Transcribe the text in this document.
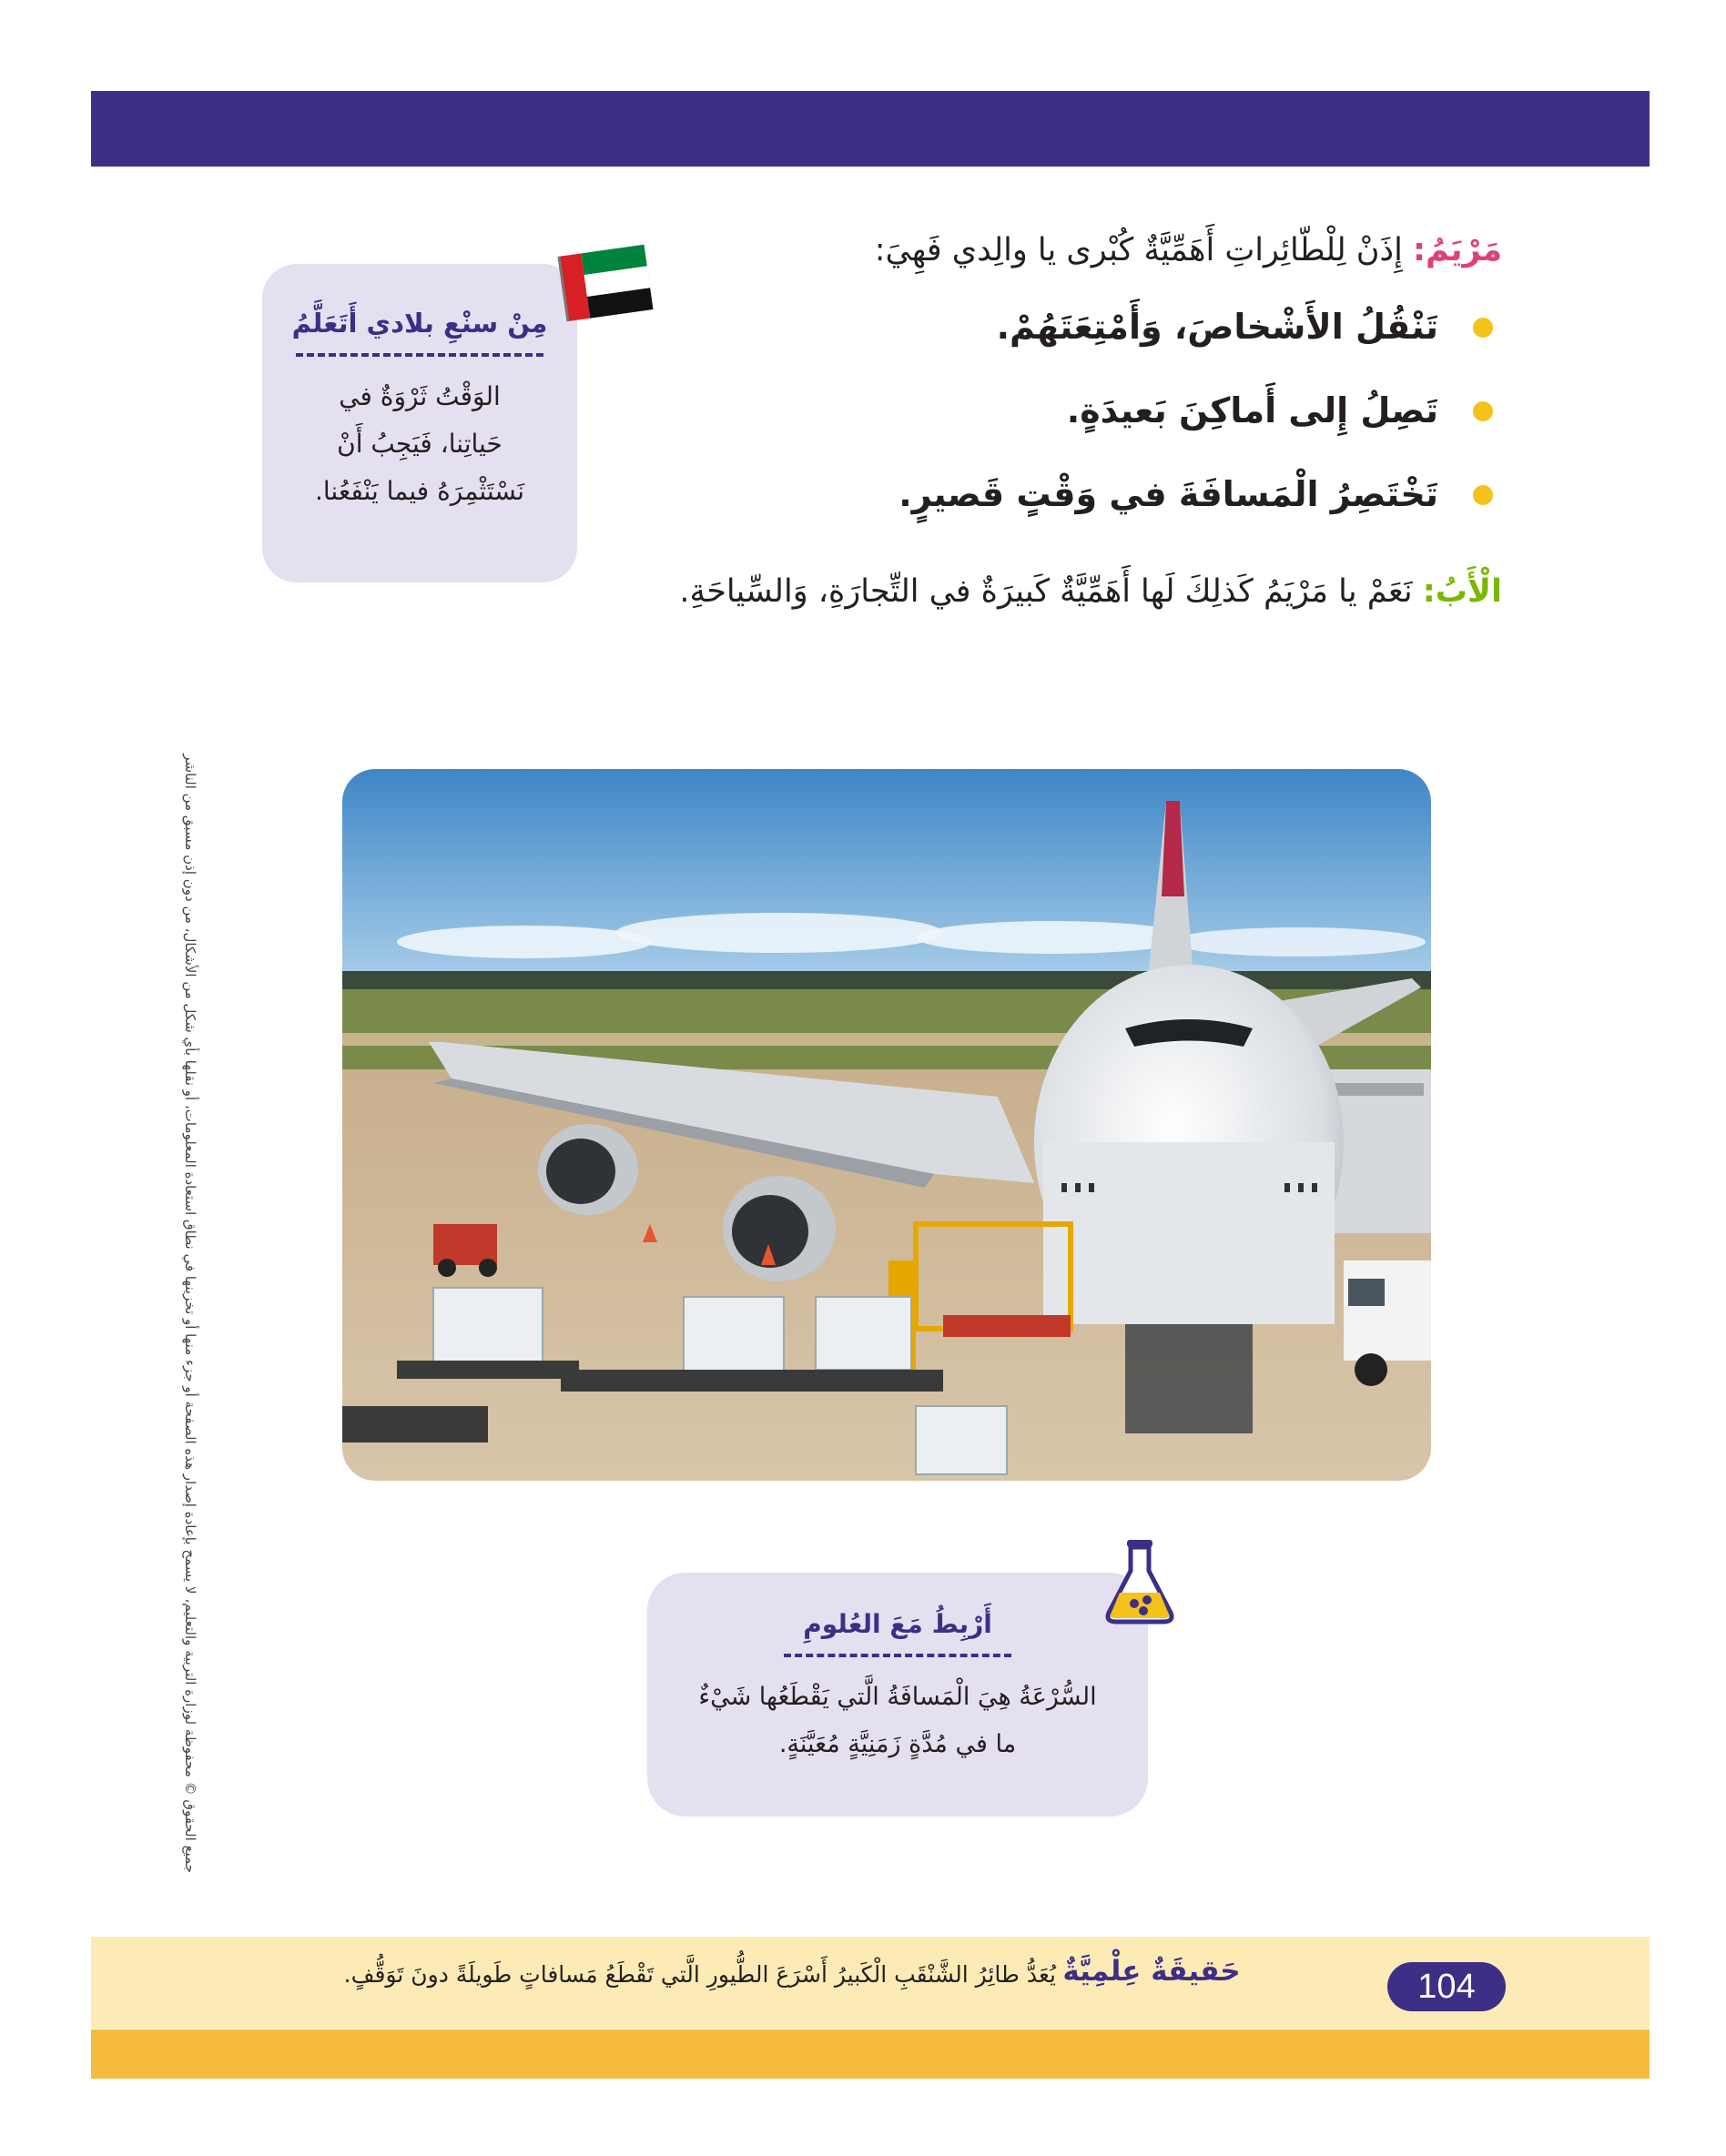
مَرْيَمُ: إِذَنْ لِلْطّائِراتِ أَهَمِّيَّةٌ كُبْرى يا والِدي فَهِيَ:
تَنْقُلُ الأَشْخاصَ، وَأَمْتِعَتَهُمْ.
تَصِلُ إِلى أَماكِنَ بَعيدَةٍ.
تَخْتَصِرُ الْمَسافَةَ في وَقْتٍ قَصيرٍ.
الْأَبُ: نَعَمْ يا مَرْيَمُ كَذلِكَ لَها أَهَمِّيَّةٌ كَبيرَةٌ في التِّجارَةِ، وَالسِّياحَةِ.
مِنْ سنْعِ بلادي أَتَعَلَّمُ
الوَقْتُ ثَرْوَةٌ في
حَياتِنا، فَيَجِبُ أَنْ
نَسْتَثْمِرَهُ فيما يَنْفَعُنا.
جميع الحقوق © محفوظة لوزارة التربية والتعليم، لا يسمح بإعادة إصدار هذه الصفحة أو جزء منها أو تخزينها في نطاق استعادة المعلومات، أو نقلها بأي شكل من الأشكال، من دون إذن مسبق من الناشر	أَرْبِطُ مَعَ العُلومِ
السُّرْعَةُ هِيَ الْمَسافَةُ الَّتي يَقْطَعُها شَيْءٌ
ما في مُدَّةٍ زَمَنِيَّةٍ مُعَيَّنَةٍ.
حَقيقَةٌ عِلْمِيَّةٌ
يُعَدُّ طائِرُ الشَّنْقَبِ الْكَبيرُ أَسْرَعَ الطُّيورِ الَّتي تَقْطَعُ مَسافاتٍ طَويلَةً دونَ تَوَقُّفٍ.	104
